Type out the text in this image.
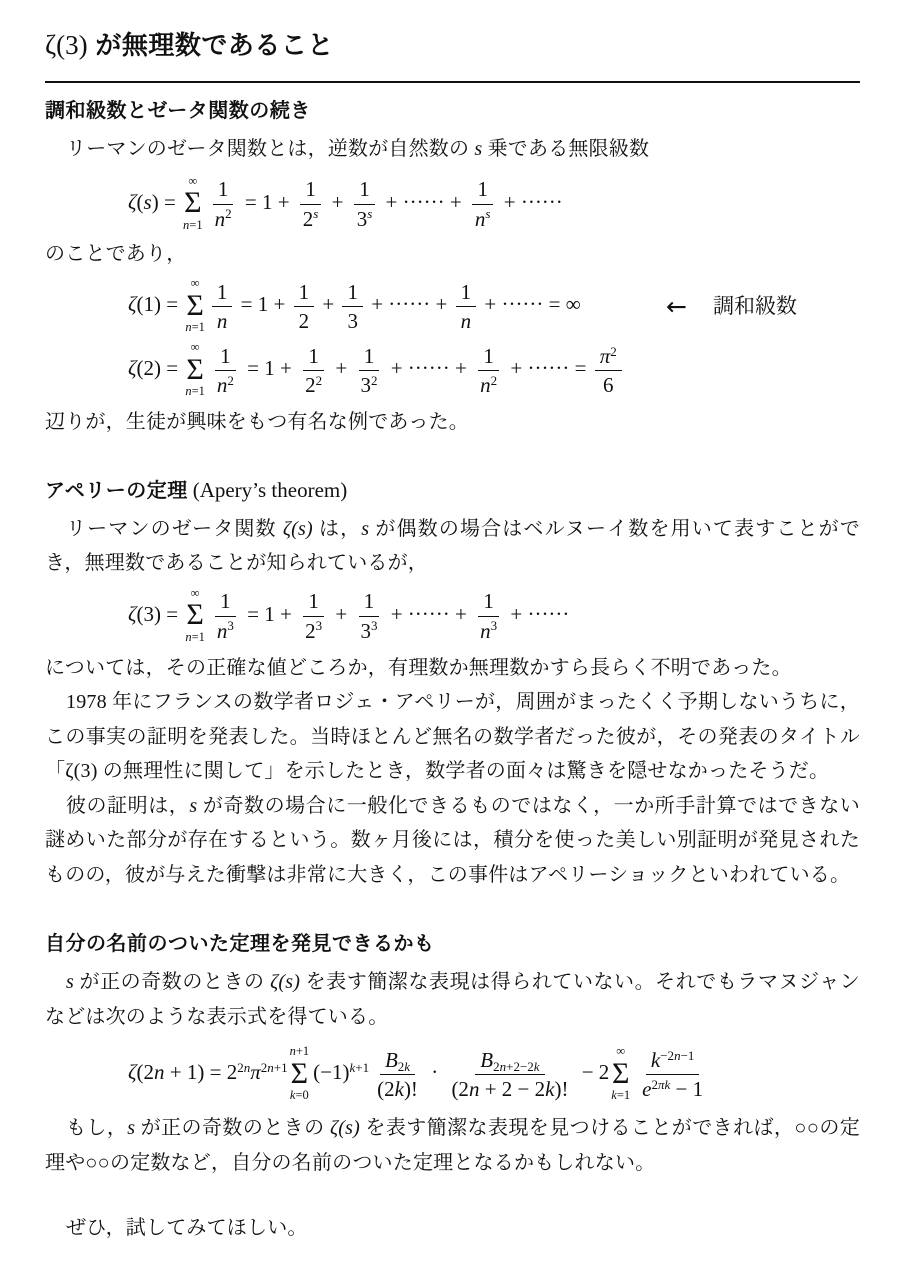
ζ(3) が無理数であること
調和級数とゼータ関数の続き

リーマンのゼータ関数とは，逆数が自然数の s 乗である無限級数

ζ(s) =
∞
Σ
$n=1 \frac{1}{n^2} = 1 + \frac{1}{2^s} + \frac{1}{3^s}$ + ······ + $\frac{1}{n^s}$ + ······

のことであり，

ζ(1) =
∞
Σ
$n=1 \frac{1}{n} = 1 + \frac{1}{2} + \frac{1}{3}$ + ······ + $\frac{1}{n}$ + ······ = ∞	← 調和級数
ζ(2) =
∞
Σ
$n=1 \frac{1}{n^2} = 1 + \frac{1}{2^2} + \frac{1}{3^2}$ + ······ + $\frac{1}{n^2}$ + ······ = $\frac{\pi^2}{6}$

辺りが，生徒が興味をもつ有名な例であった。

アペリーの定理 (Apery’s theorem)

リーマンのゼータ関数 ζ(s) は，s が偶数の場合はベルヌーイ数を用いて表すことができ，無理数であることが知られているが，

ζ(3) =
∞
Σ
$n=1 \frac{1}{n^3} = 1 + \frac{1}{2^3} + \frac{1}{3^3}$ + ······ + $\frac{1}{n^3}$ + ······

については，その正確な値どころか，有理数か無理数かすら長らく不明であった。

1978 年にフランスの数学者ロジェ・アペリーが，周囲がまったくく予期しないうちに，この事実の証明を発表した。当時ほとんど無名の数学者だった彼が，その発表のタイトル「ζ(3) の無理性に関して」を示したとき，数学者の面々は驚きを隠せなかったそうだ。

彼の証明は，s が奇数の場合に一般化できるものではなく，一か所手計算ではできない謎めいた部分が存在するという。数ヶ月後には，積分を使った美しい別証明が発見されたものの，彼が与えた衝撃は非常に大きく，この事件はアペリーショックといわれている。

自分の名前のついた定理を発見できるかも

s が正の奇数のときの ζ(s) を表す簡潔な表現は得られていない。それでもラマヌジャンなどは次のような表示式を得ている。

$\zeta(2n + 1) = 2^{2n}\pi^{2n+1}$
n+1
Σ
k=0
$(-1)^{k+1} \frac{B_{2k}}{(2k)!} \cdot \frac{B_{2n+2-2k}}{(2n + 2 - 2k)!} - 2$
∞
Σ
$k=1 \frac{k^{-2n-1}}{e^{2\pi k} - 1}$

もし，s が正の奇数のときの ζ(s) を表す簡潔な表現を見つけることができれば，○○の定理や○○の定数など，自分の名前のついた定理となるかもしれない。

ぜひ，試してみてほしい。
